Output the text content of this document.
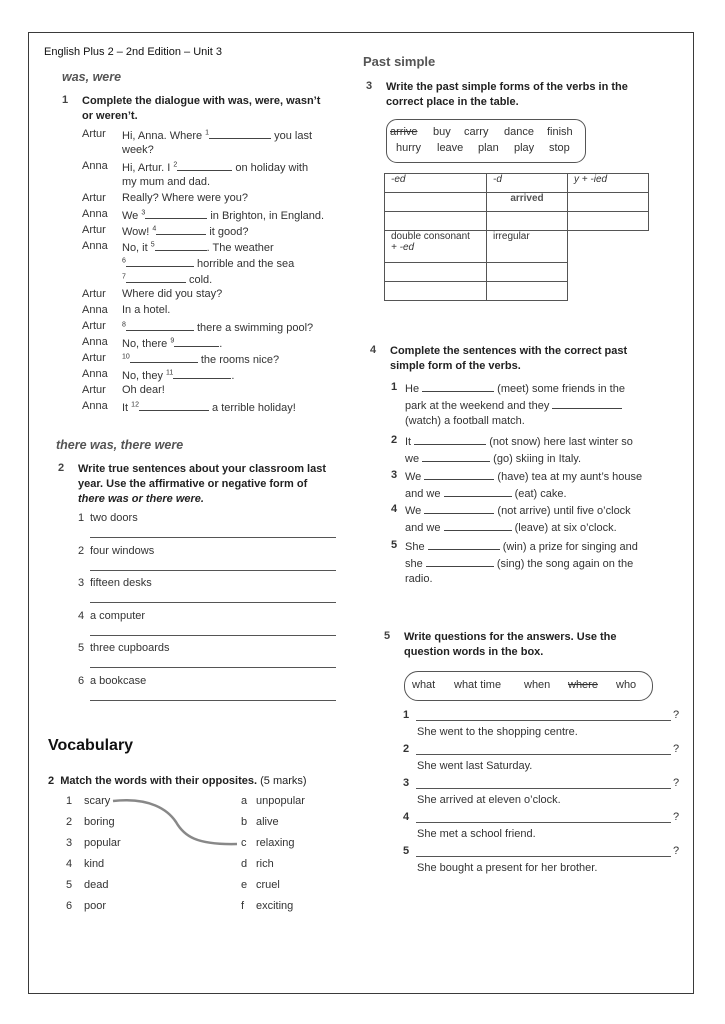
English Plus 2 – 2nd Edition – Unit 3
was, were
1 Complete the dialogue with was, were, wasn’t
or weren’t.
Artur Hi, Anna. Where $^1$	you last
week?
Anna Hi, Artur. I $^2$	on holiday with
my mum and dad.
Artur Really? Where were you?
Anna We $^3$	in Brighton, in England.
Artur Wow! $^4$	it good?
Anna No, it $^5$	. The weather
$^6$	horrible and the sea
$^7$	cold.
Artur Where did you stay?
Anna In a hotel.
Artur $^8$	there a swimming pool?
Anna No, there $^9$	.
Artur $^{10}$	the rooms nice?
Anna No, they $^{11}$	.
Artur Oh dear!
Anna It $^{12}$	a terrible holiday!
there was, there were
2 Write true sentences about your classroom last
year. Use the affirmative or negative form of
there was or there were.
1 two doors
2 four windows
3 fifteen desks
4 a computer
5 three cupboards
6 a bookcase
Vocabulary
2 Match the words with their opposites. (5 marks)
1 scary
2 boring
3 popular
4 kind
5 dead
6 poor
a unpopular
b alive
c relaxing
d rich
e cruel
f exciting
Past simple
3 Write the past simple forms of the verbs in the
correct place in the table.
arrive buy carry dance finish
hurry leave plan play stop
-ed	-d	y + -ied
	arrived	

double consonant
+ -ed	irregular	

4 Complete the sentences with the correct past
simple form of the verbs.
1 He	(meet) some friends in the
park at the weekend and they
(watch) a football match.
2 It	(not snow) here last winter so
we	(go) skiing in Italy.
3 We	(have) tea at my aunt’s house
and we	(eat) cake.
4 We	(not arrive) until five o’clock
and we	(leave) at six o’clock.
5 She	(win) a prize for singing and
she	(sing) the song again on the
radio.
5 Write questions for the answers. Use the
question words in the box.
what what time when where who
1	?
She went to the shopping centre.
2	?
She went last Saturday.
3	?
She arrived at eleven o’clock.
4	?
She met a school friend.
5	?
She bought a present for her brother.
